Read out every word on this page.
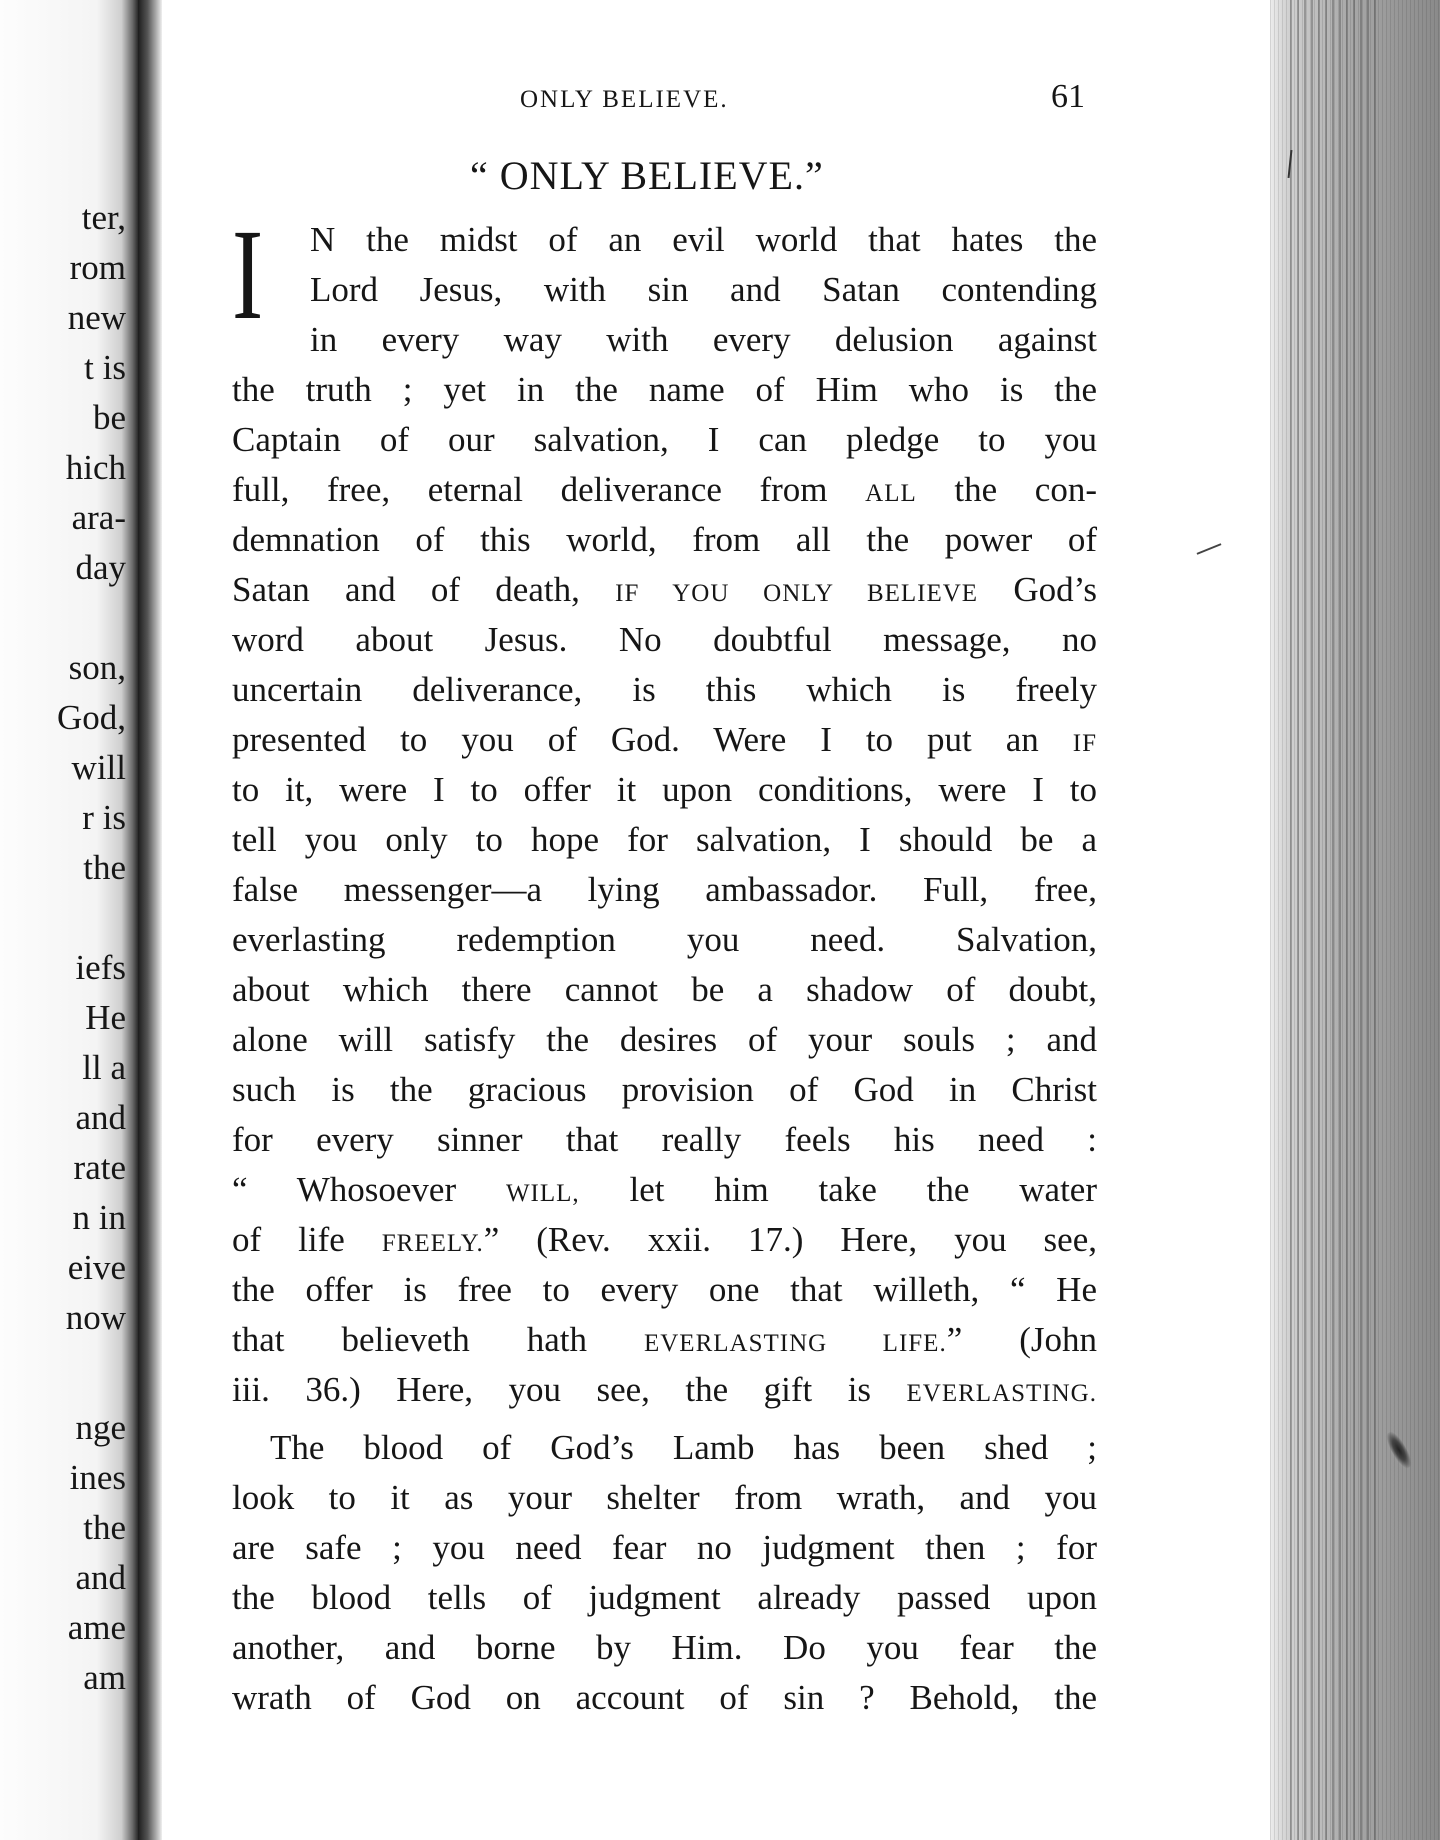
ter,
rom
new
t is
be
hich
ara-
day
son,
God,
will
r is
the
iefs
He
ll a
and
rate
n in
eive
now
nge
ines
the
and
ame
am
ONLY BELIEVE.	61
“ ONLY BELIEVE.”
I N the midst of an evil world that hates the
Lord Jesus, with sin and Satan contending
in every way with every delusion against
the truth ; yet in the name of Him who is the
Captain of our salvation, I can pledge to you
full, free, eternal deliverance from ALL the con-
demnation of this world, from all the power of
Satan and of death, IF YOU ONLY BELIEVE God’s
word about Jesus. No doubtful message, no
uncertain deliverance, is this which is freely
presented to you of God. Were I to put an IF
to it, were I to offer it upon conditions, were I to
tell you only to hope for salvation, I should be a
false messenger—a lying ambassador. Full, free,
everlasting redemption you need. Salvation,
about which there cannot be a shadow of doubt,
alone will satisfy the desires of your souls ; and
such is the gracious provision of God in Christ
for every sinner that really feels his need :
“ Whosoever WILL, let him take the water
of life FREELY.” (Rev. xxii. 17.) Here, you see,
the offer is free to every one that willeth, “ He
that believeth hath EVERLASTING LIFE.” (John
iii. 36.) Here, you see, the gift is EVERLASTING.
The blood of God’s Lamb has been shed ;
look to it as your shelter from wrath, and you
are safe ; you need fear no judgment then ; for
the blood tells of judgment already passed upon
another, and borne by Him. Do you fear the
wrath of God on account of sin ? Behold, the
